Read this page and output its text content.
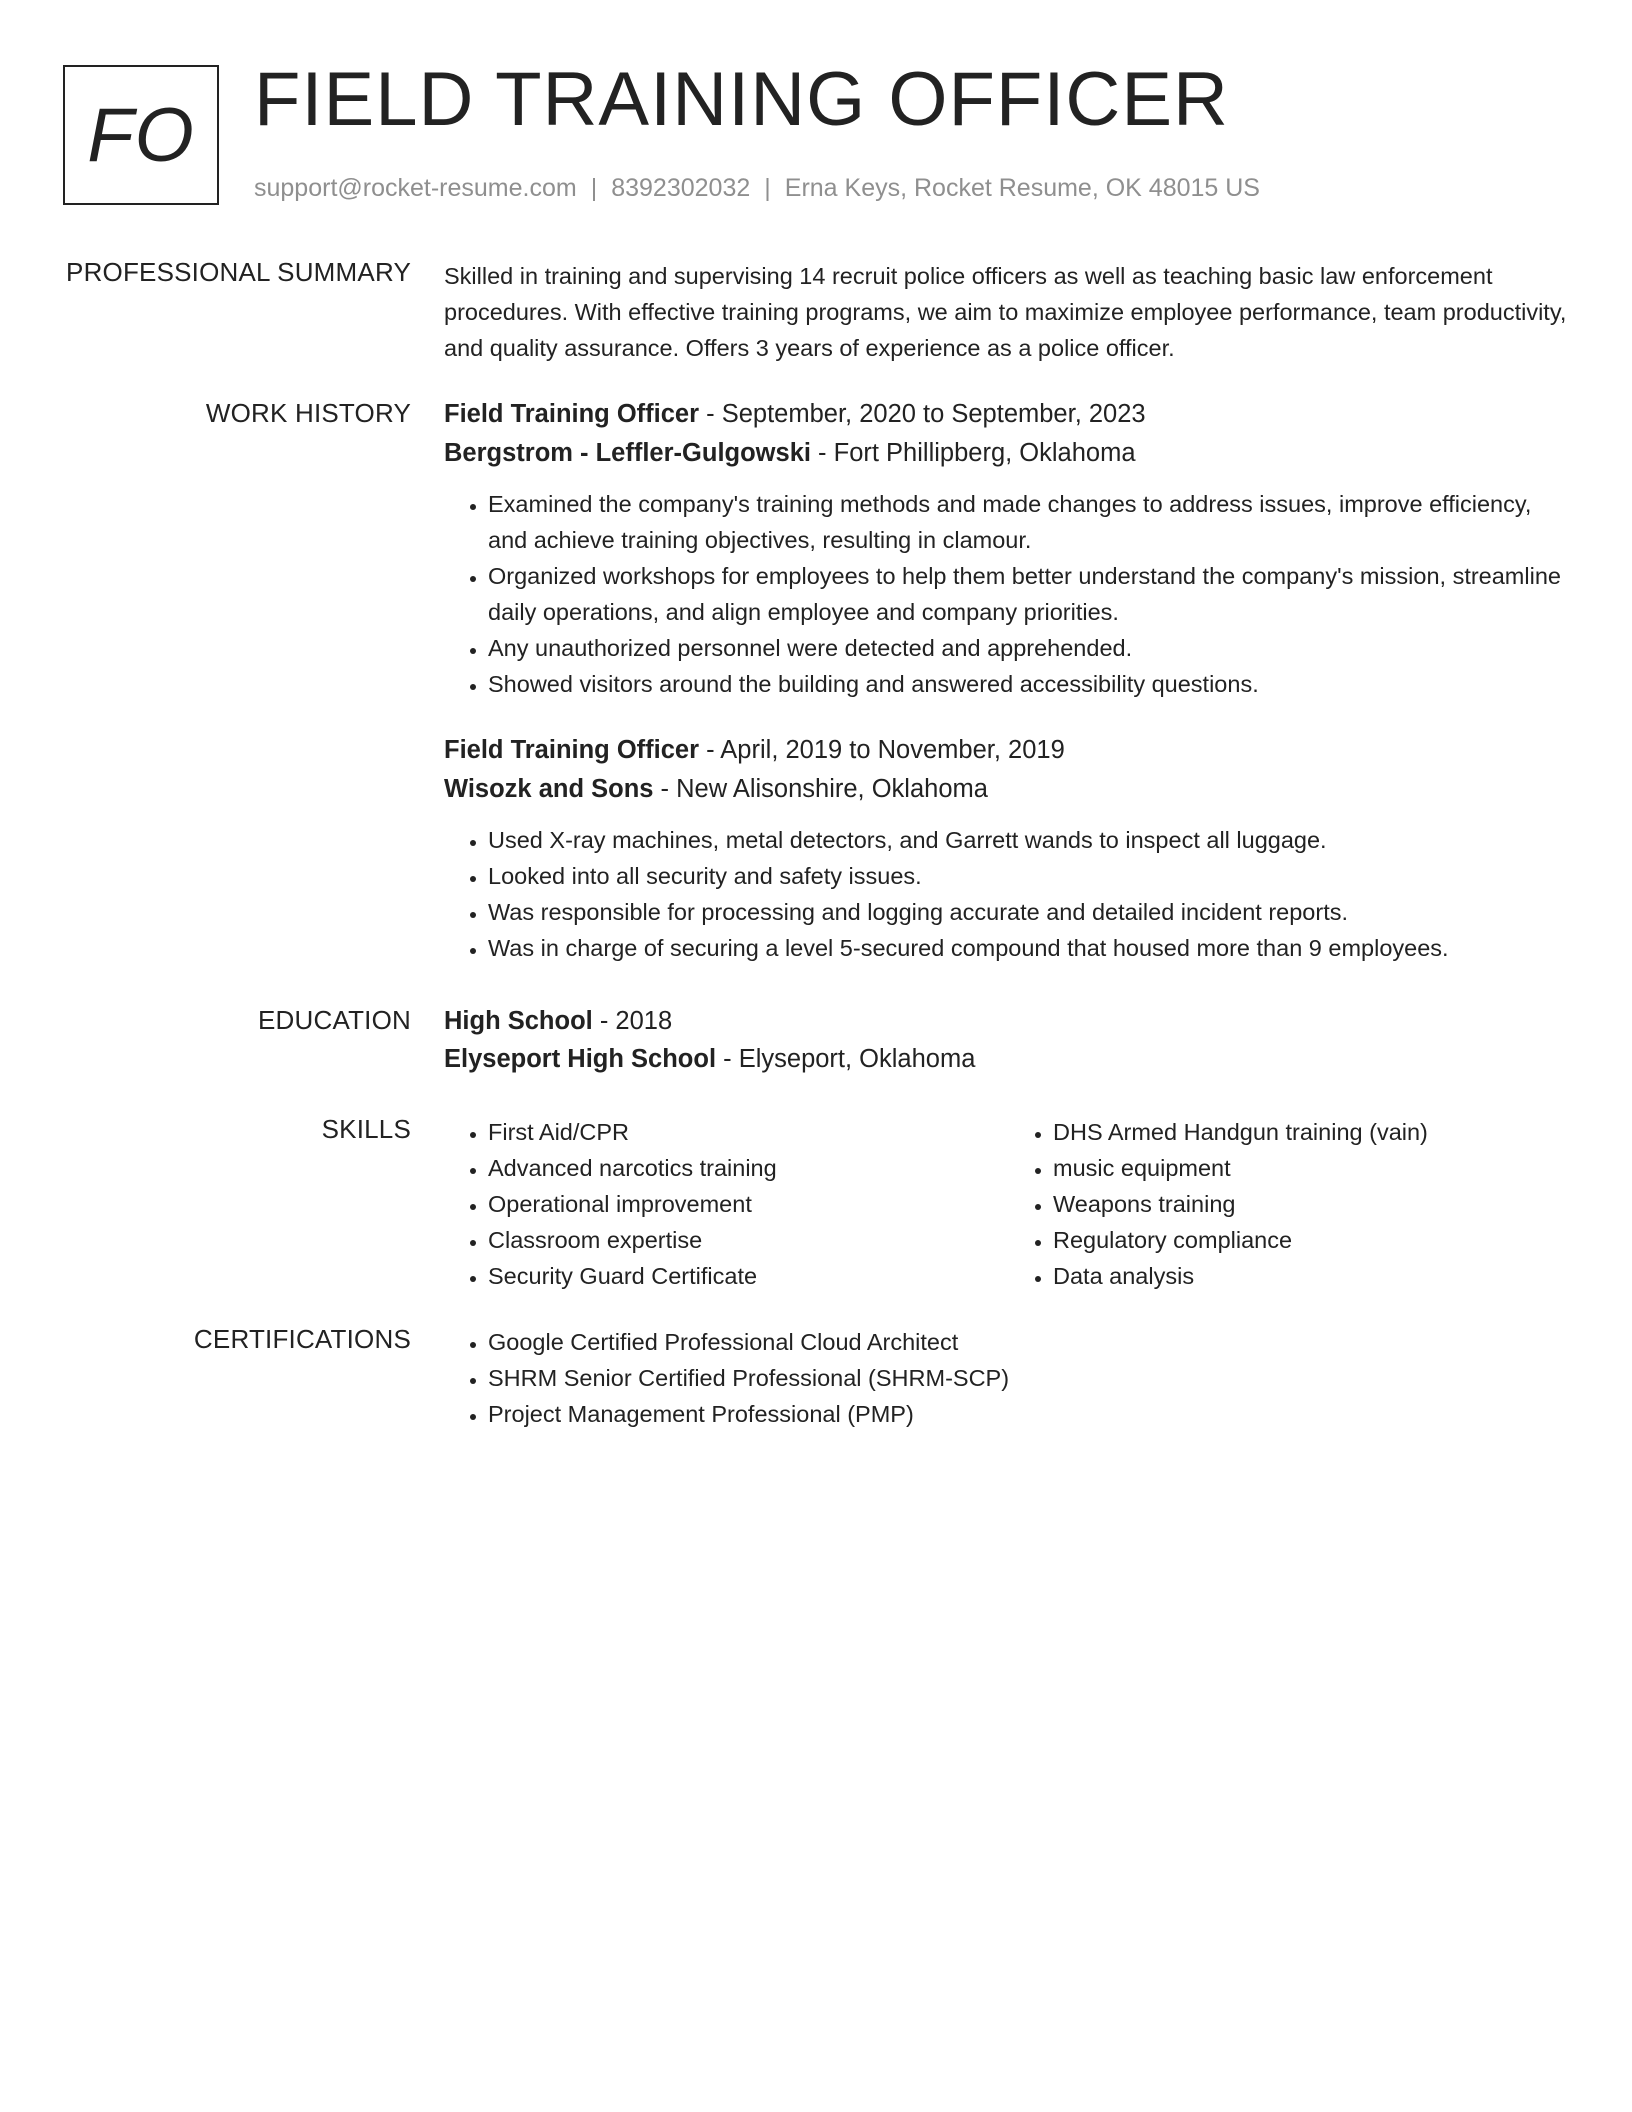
FO FIELD TRAINING OFFICER
support@rocket-resume.com | 8392302032 | Erna Keys, Rocket Resume, OK 48015 US
PROFESSIONAL SUMMARY Skilled in training and supervising 14 recruit police officers as well as teaching basic law enforcement procedures. With effective training programs, we aim to maximize employee performance, team productivity, and quality assurance. Offers 3 years of experience as a police officer.

WORK HISTORY Field Training Officer - September, 2020 to September, 2023
Bergstrom - Leffler-Gulgowski - Fort Phillipberg, Oklahoma
• Examined the company's training methods and made changes to address issues, improve efficiency, and achieve training objectives, resulting in clamour.
• Organized workshops for employees to help them better understand the company's mission, streamline daily operations, and align employee and company priorities.
• Any unauthorized personnel were detected and apprehended.
• Showed visitors around the building and answered accessibility questions.
Field Training Officer - April, 2019 to November, 2019
Wisozk and Sons - New Alisonshire, Oklahoma
• Used X-ray machines, metal detectors, and Garrett wands to inspect all luggage.
• Looked into all security and safety issues.
• Was responsible for processing and logging accurate and detailed incident reports.
• Was in charge of securing a level 5-secured compound that housed more than 9 employees.
EDUCATION High School - 2018
Elyseport High School - Elyseport, Oklahoma
SKILLS	• First Aid/CPR
• Advanced narcotics training
• Operational improvement
• Classroom expertise
• Security Guard Certificate
• DHS Armed Handgun training (vain)
• music equipment
• Weapons training
• Regulatory compliance
• Data analysis
CERTIFICATIONS	• Google Certified Professional Cloud Architect
• SHRM Senior Certified Professional (SHRM-SCP)
• Project Management Professional (PMP)
